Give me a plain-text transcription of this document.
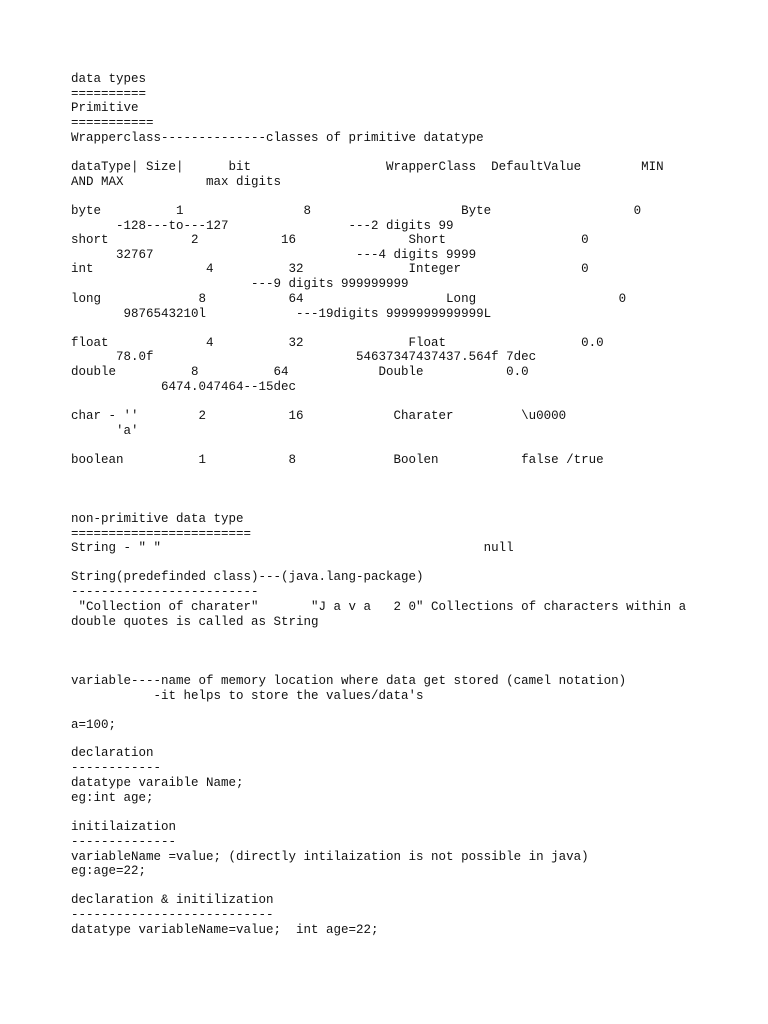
data types
==========
Primitive
===========
Wrapperclass--------------classes of primitive datatype
dataType| Size|      bit                  WrapperClass  DefaultValue        MIN
AND MAX           max digits
byte          1                8                    Byte                   0
-128---to---127                ---2 digits 99
short           2           16               Short                  0
32767                           ---4 digits 9999
int               4          32              Integer                0
---9 digits 999999999
long             8           64                   Long                   0
9876543210l            ---19digits 9999999999999L
float             4          32              Float                  0.0
78.0f                           54637347437437.564f 7dec
double          8          64            Double           0.0
6474.047464--15dec
char - ''        2           16            Charater         \u0000
'a'
boolean          1           8             Boolen           false /true
non-primitive data type
========================
String - " "                                           null
String(predefinded class)---(java.lang-package)
-------------------------
"Collection of charater"       "J a v a   2 0" Collections of characters within a
double quotes is called as String
variable----name of memory location where data get stored (camel notation)
-it helps to store the values/data's
a=100;
declaration
------------
datatype varaible Name;
eg:int age;
initilaization
--------------
variableName =value; (directly intilaization is not possible in java)
eg:age=22;
declaration & initilization
---------------------------
datatype variableName=value;  int age=22;
